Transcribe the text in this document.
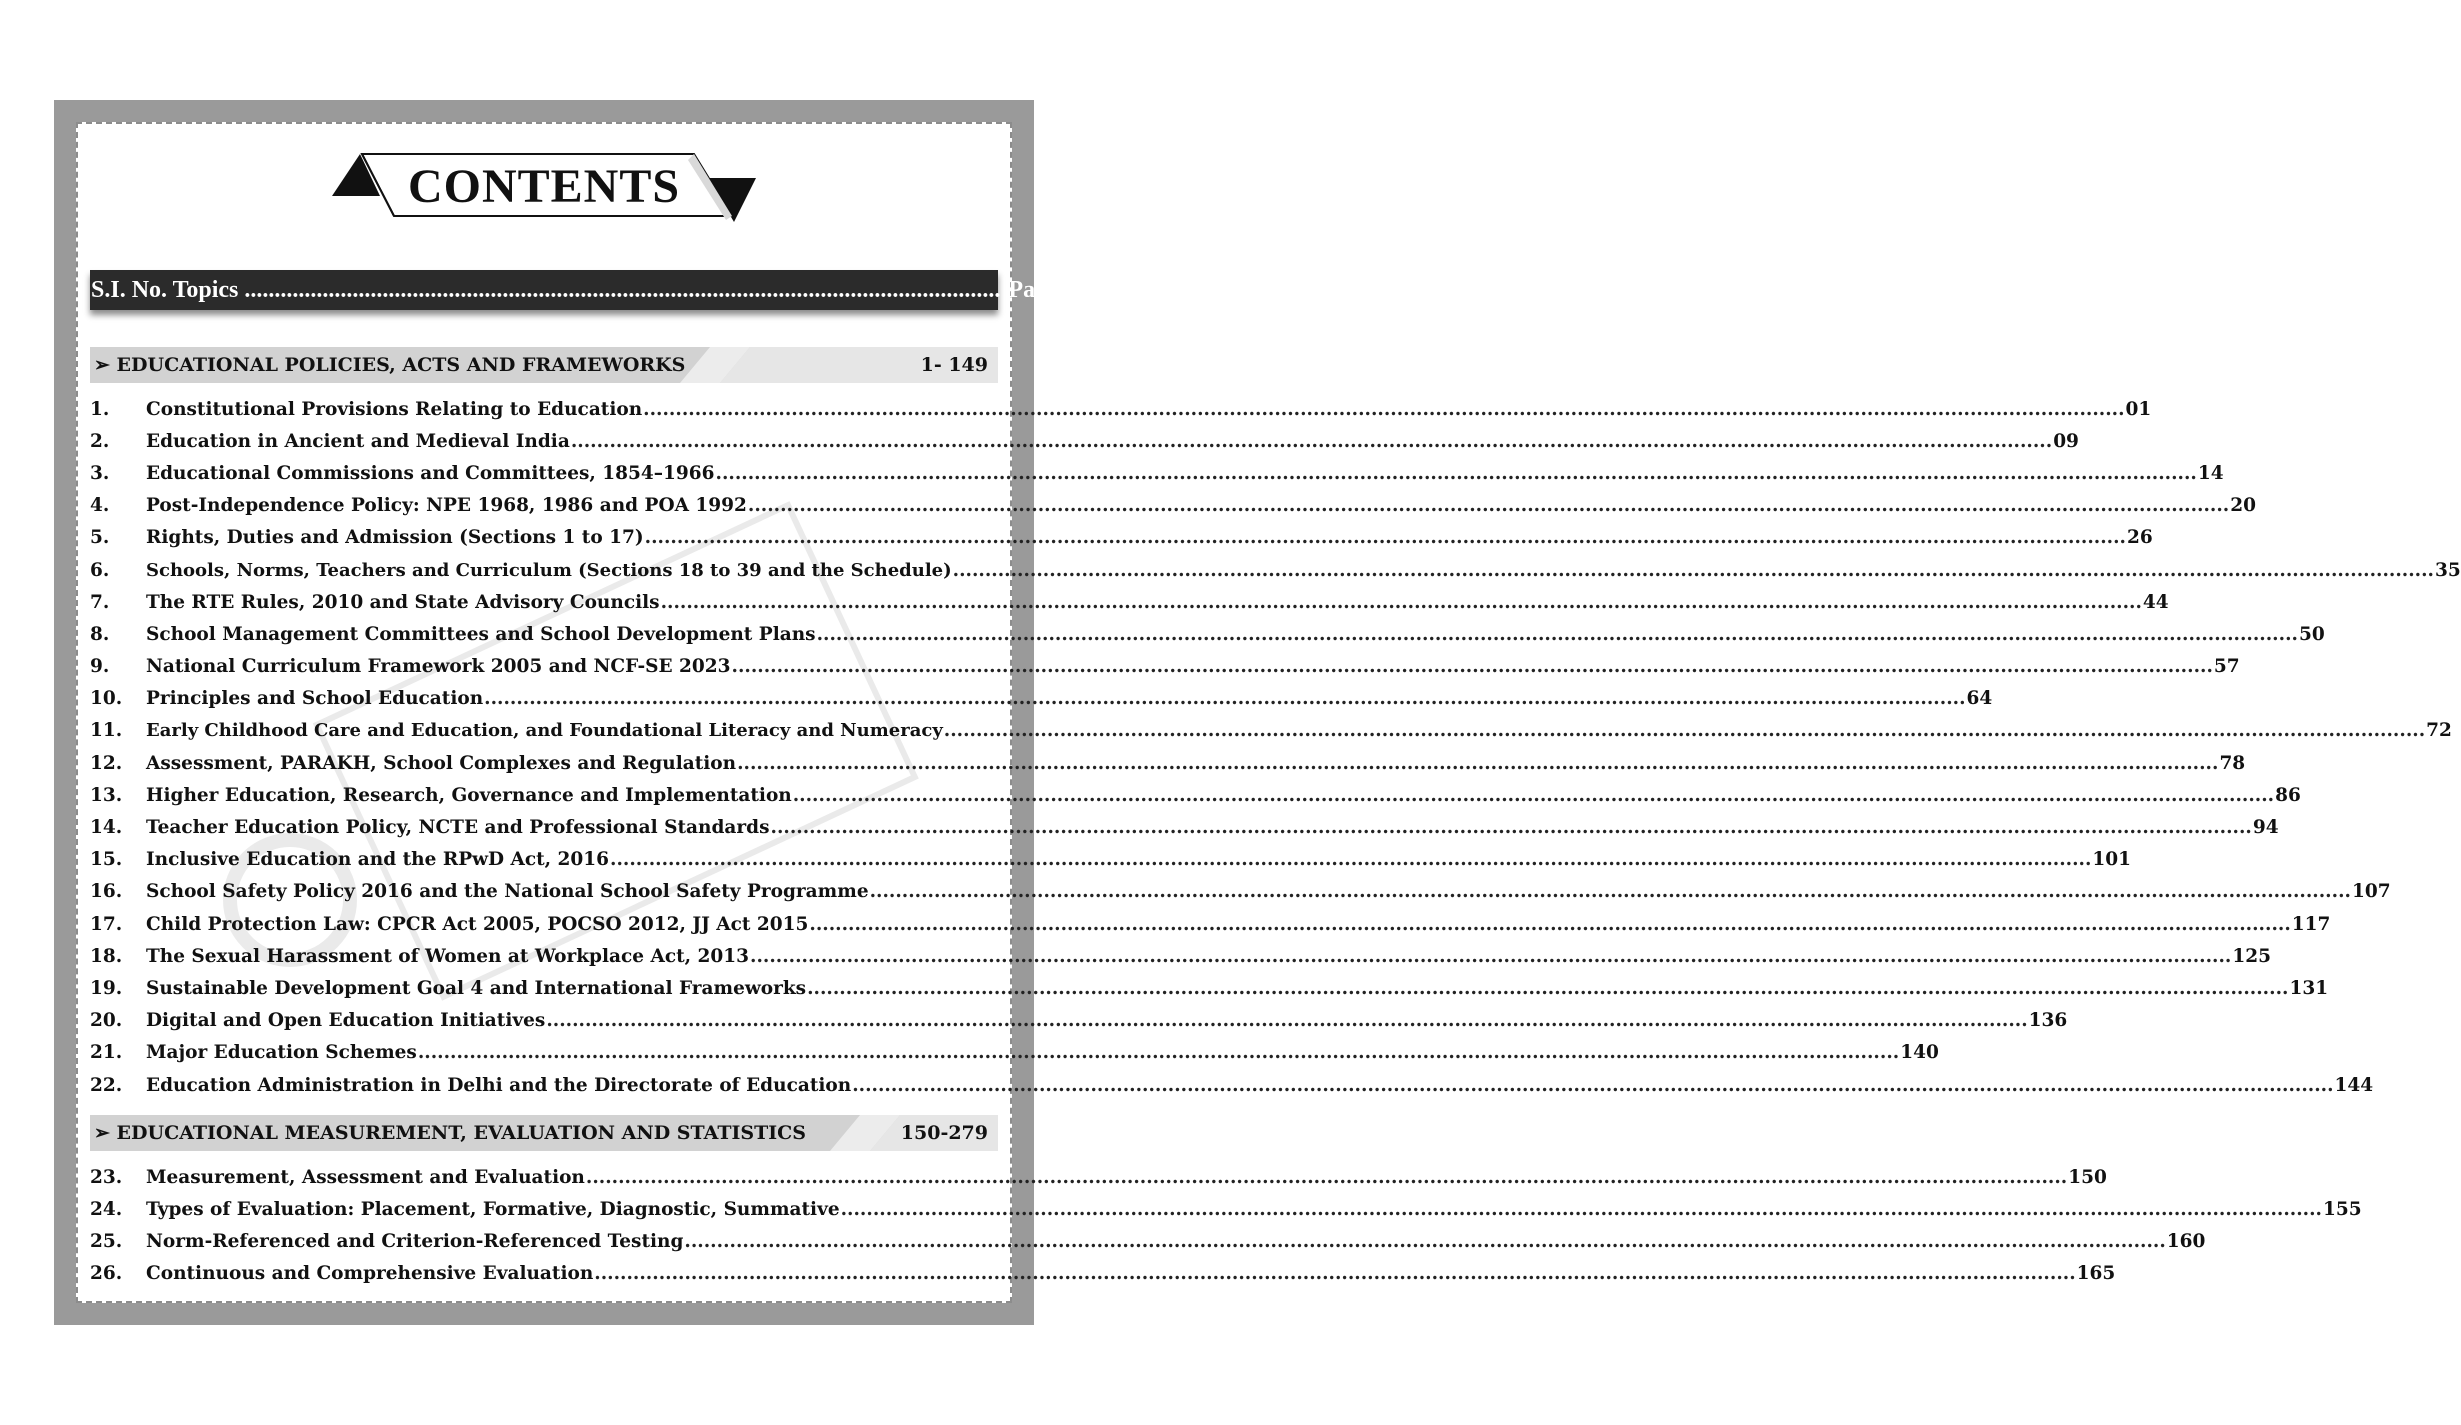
CONTENTS
S.I. No. Topics .............................................................................................................................. Page No.
➢ EDUCATIONAL POLICIES, ACTS AND FRAMEWORKS	1- 149
1.	Constitutional Provisions Relating to Education .....	01
2.	Education in Ancient and Medieval India .....	09
3.	Educational Commissions and Committees, 1854–1966 .....	14
4.	Post-Independence Policy: NPE 1968, 1986 and POA 1992 .....	20
5.	Rights, Duties and Admission (Sections 1 to 17) .....	26
6.	Schools, Norms, Teachers and Curriculum (Sections 18 to 39 and the Schedule) .....	35
7.	The RTE Rules, 2010 and State Advisory Councils .....	44
8.	School Management Committees and School Development Plans .....	50
9.	National Curriculum Framework 2005 and NCF-SE 2023 .....	57
10.	Principles and School Education .....	64
11.	Early Childhood Care and Education, and Foundational Literacy and Numeracy .....	72
12.	Assessment, PARAKH, School Complexes and Regulation .....	78
13.	Higher Education, Research, Governance and Implementation .....	86
14.	Teacher Education Policy, NCTE and Professional Standards .....	94
15.	Inclusive Education and the RPwD Act, 2016 .....	101
16.	School Safety Policy 2016 and the National School Safety Programme .....	107
17.	Child Protection Law: CPCR Act 2005, POCSO 2012, JJ Act 2015 .....	117
18.	The Sexual Harassment of Women at Workplace Act, 2013 .....	125
19.	Sustainable Development Goal 4 and International Frameworks .....	131
20.	Digital and Open Education Initiatives .....	136
21.	Major Education Schemes .....	140
22.	Education Administration in Delhi and the Directorate of Education .....	144
➢ EDUCATIONAL MEASUREMENT, EVALUATION AND STATISTICS	150-279
23.	Measurement, Assessment and Evaluation .....	150
24.	Types of Evaluation: Placement, Formative, Diagnostic, Summative .....	155
25.	Norm-Referenced and Criterion-Referenced Testing .....	160
26.	Continuous and Comprehensive Evaluation .....	165
